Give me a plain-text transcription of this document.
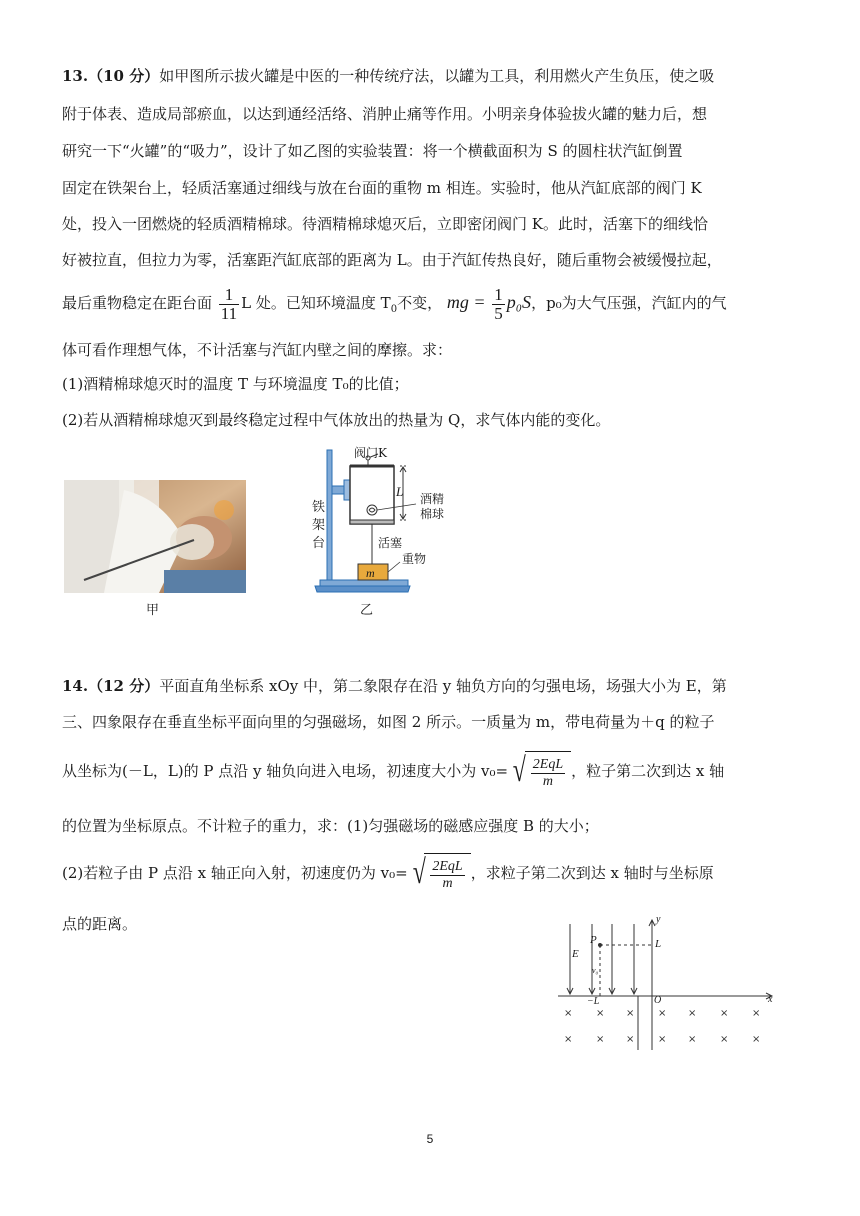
13.（10 分）如甲图所示拔火罐是中医的一种传统疗法，以罐为工具，利用燃火产生负压，使之吸
附于体表、造成局部瘀血，以达到通经活络、消肿止痛等作用。小明亲身体验拔火罐的魅力后，想
研究一下“火罐”的“吸力”，设计了如乙图的实验装置：将一个横截面积为 S 的圆柱状汽缸倒置
固定在铁架台上，轻质活塞通过细线与放在台面的重物 m 相连。实验时，他从汽缸底部的阀门 K
处，投入一团燃烧的轻质酒精棉球。待酒精棉球熄灭后，立即密闭阀门 K。此时，活塞下的细线恰
好被拉直，但拉力为零，活塞距汽缸底部的距离为 L。由于汽缸传热良好，随后重物会被缓慢拉起，
最后重物稳定在距台面 $\frac{1}{11}$ L 处。已知环境温度 $T_0$不变， mg = $\frac{1}{5} p_0S$，p₀为大气压强，汽缸内的气
体可看作理想气体，不计活塞与汽缸内壁之间的摩擦。求：
(1)酒精棉球熄灭时的温度 T 与环境温度 T₀的比值；
(2)若从酒精棉球熄灭到最终稳定过程中气体放出的热量为 Q，求气体内能的变化。
甲
阀门K
铁
架
台
L 酒精
棉球
活塞
重物
m
乙
14.（12 分）平面直角坐标系 xOy 中，第二象限存在沿 y 轴负方向的匀强电场，场强大小为 E，第
三、四象限存在垂直坐标平面向里的匀强磁场，如图 2 所示。一质量为 m，带电荷量为＋q 的粒子
从坐标为(－L，L)的 P 点沿 y 轴负向进入电场，初速度大小为 v₀= √ $\frac{\text{2EqL}}{m}$ ，粒子第二次到达 x 轴
的位置为坐标原点。不计粒子的重力，求：(1)匀强磁场的磁感应强度 B 的大小；
(2)若粒子由 P 点沿 x 轴正向入射，初速度仍为 v₀= √ $\frac{\text{2EqL}}{m}$ ，求粒子第二次到达 x 轴时与坐标原
点的距离。
× × × × × × ×
× × × × × × ×
E
P	L
v₀
−L	O	x
y
5
